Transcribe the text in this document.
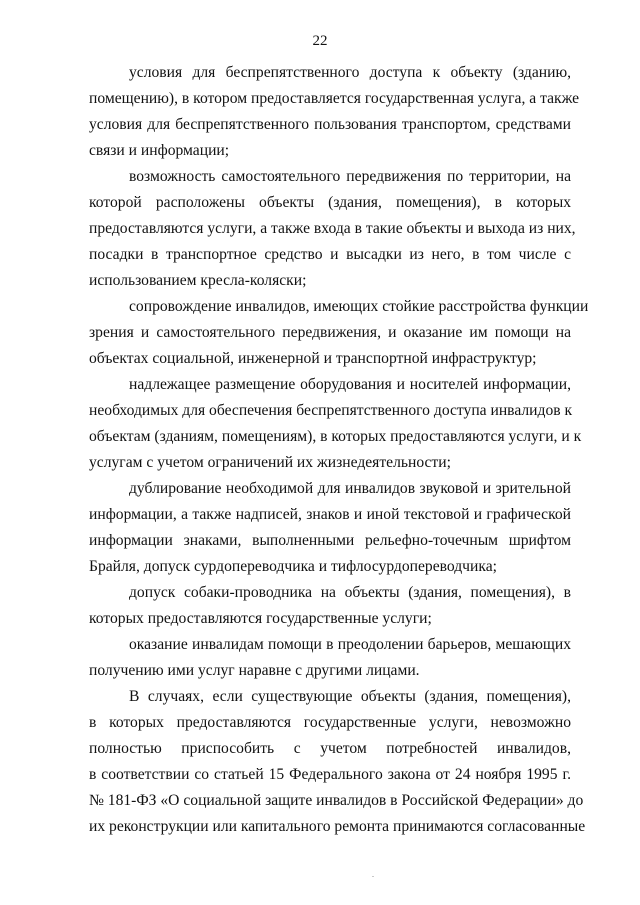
22
условия для беспрепятственного доступа к объекту (зданию,
помещению), в котором предоставляется государственная услуга, а также
условия для беспрепятственного пользования транспортом, средствами
связи и информации;
возможность самостоятельного передвижения по территории, на
которой расположены объекты (здания, помещения), в которых
предоставляются услуги, а также входа в такие объекты и выхода из них,
посадки в транспортное средство и высадки из него, в том числе с
использованием кресла-коляски;
сопровождение инвалидов, имеющих стойкие расстройства функции
зрения и самостоятельного передвижения, и оказание им помощи на
объектах социальной, инженерной и транспортной инфраструктур;
надлежащее размещение оборудования и носителей информации,
необходимых для обеспечения беспрепятственного доступа инвалидов к
объектам (зданиям, помещениям), в которых предоставляются услуги, и к
услугам с учетом ограничений их жизнедеятельности;
дублирование необходимой для инвалидов звуковой и зрительной
информации, а также надписей, знаков и иной текстовой и графической
информации знаками, выполненными рельефно-точечным шрифтом
Брайля, допуск сурдопереводчика и тифлосурдопереводчика;
допуск собаки-проводника на объекты (здания, помещения), в
которых предоставляются государственные услуги;
оказание инвалидам помощи в преодолении барьеров, мешающих
получению ими услуг наравне с другими лицами.
В случаях, если существующие объекты (здания, помещения),
в которых предоставляются государственные услуги, невозможно
полностью приспособить с учетом потребностей инвалидов,
в соответствии со статьей 15 Федерального закона от 24 ноября 1995 г.
№ 181-ФЗ «О социальной защите инвалидов в Российской Федерации» до
их реконструкции или капитального ремонта принимаются согласованные
